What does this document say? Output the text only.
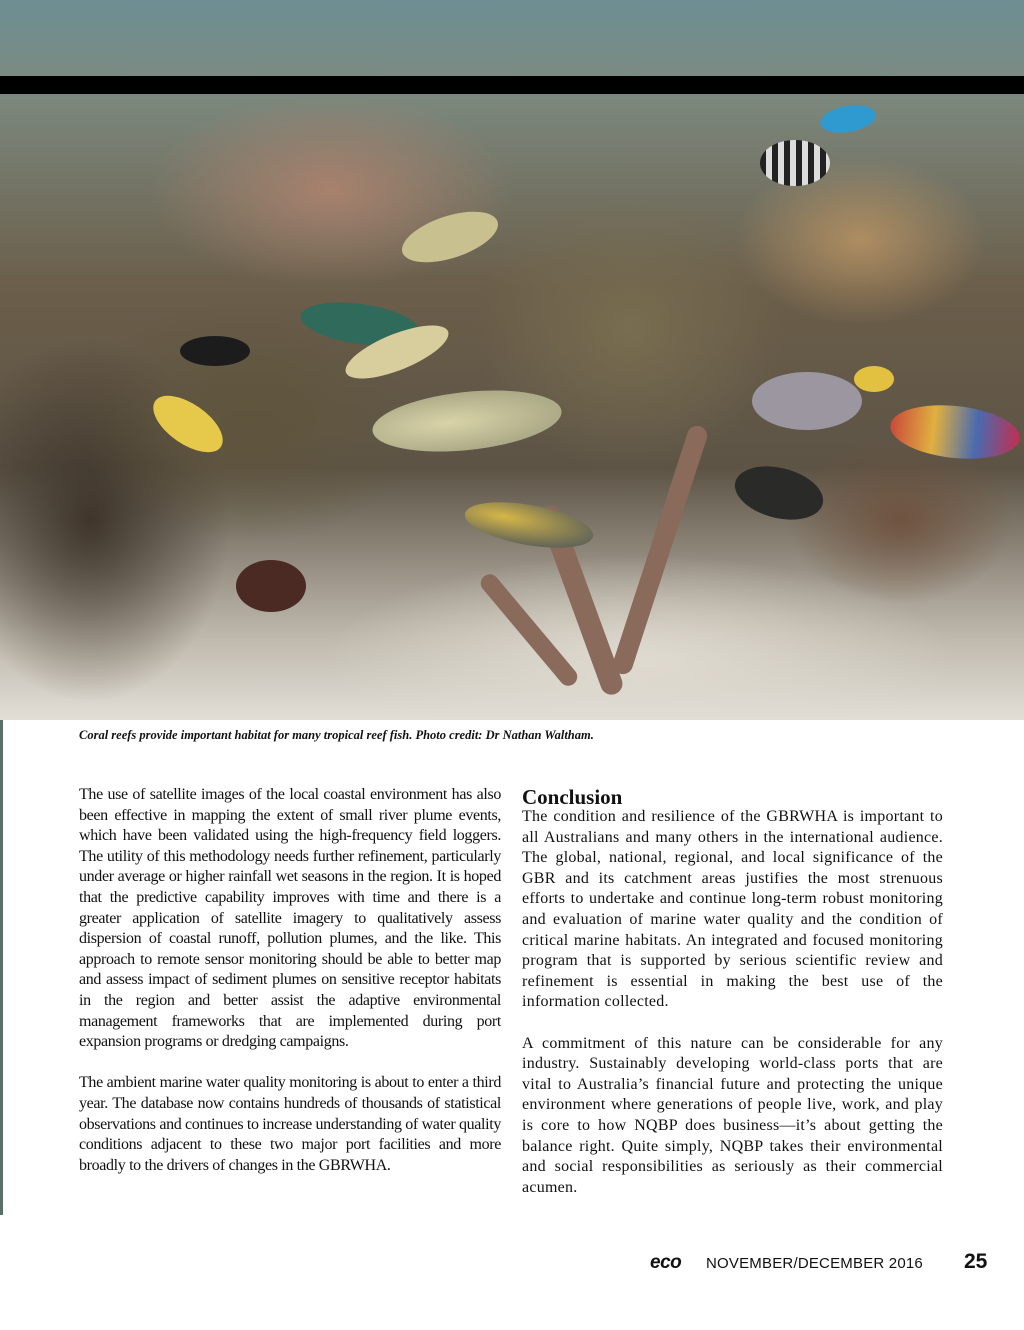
Coral reefs provide important habitat for many tropical reef fish. Photo credit: Dr Nathan Waltham.

The use of satellite images of the local coastal environment has also been effective in mapping the extent of small river plume events, which have been validated using the high-frequency field loggers. The utility of this methodology needs further refinement, particularly under average or higher rainfall wet seasons in the region. It is hoped that the predictive capability improves with time and there is a greater application of satellite imagery to qualitatively assess dispersion of coastal runoff, pollution plumes, and the like. This approach to remote sensor monitoring should be able to better map and assess impact of sediment plumes on sensitive receptor habitats in the region and better assist the adaptive environmental management frameworks that are implemented during port expansion programs or dredging campaigns.

The ambient marine water quality monitoring is about to enter a third year. The database now contains hundreds of thousands of statistical observations and continues to increase understanding of water quality conditions adjacent to these two major port facilities and more broadly to the drivers of changes in the GBRWHA.

Conclusion

The condition and resilience of the GBRWHA is important to all Australians and many others in the international audience. The global, national, regional, and local significance of the GBR and its catchment areas justifies the most strenuous efforts to undertake and continue long-term robust monitoring and evaluation of marine water quality and the condition of critical marine habitats. An integrated and focused monitoring program that is supported by serious scientific review and refinement is essential in making the best use of the information collected.

A commitment of this nature can be considerable for any industry. Sustainably developing world-class ports that are vital to Australia’s financial future and protecting the unique environment where generations of people live, work, and play is core to how NQBP does business—it’s about getting the balance right. Quite simply, NQBP takes their environmental and social responsibilities as seriously as their commercial acumen.

eco NOVEMBER/DECEMBER 2016 25
